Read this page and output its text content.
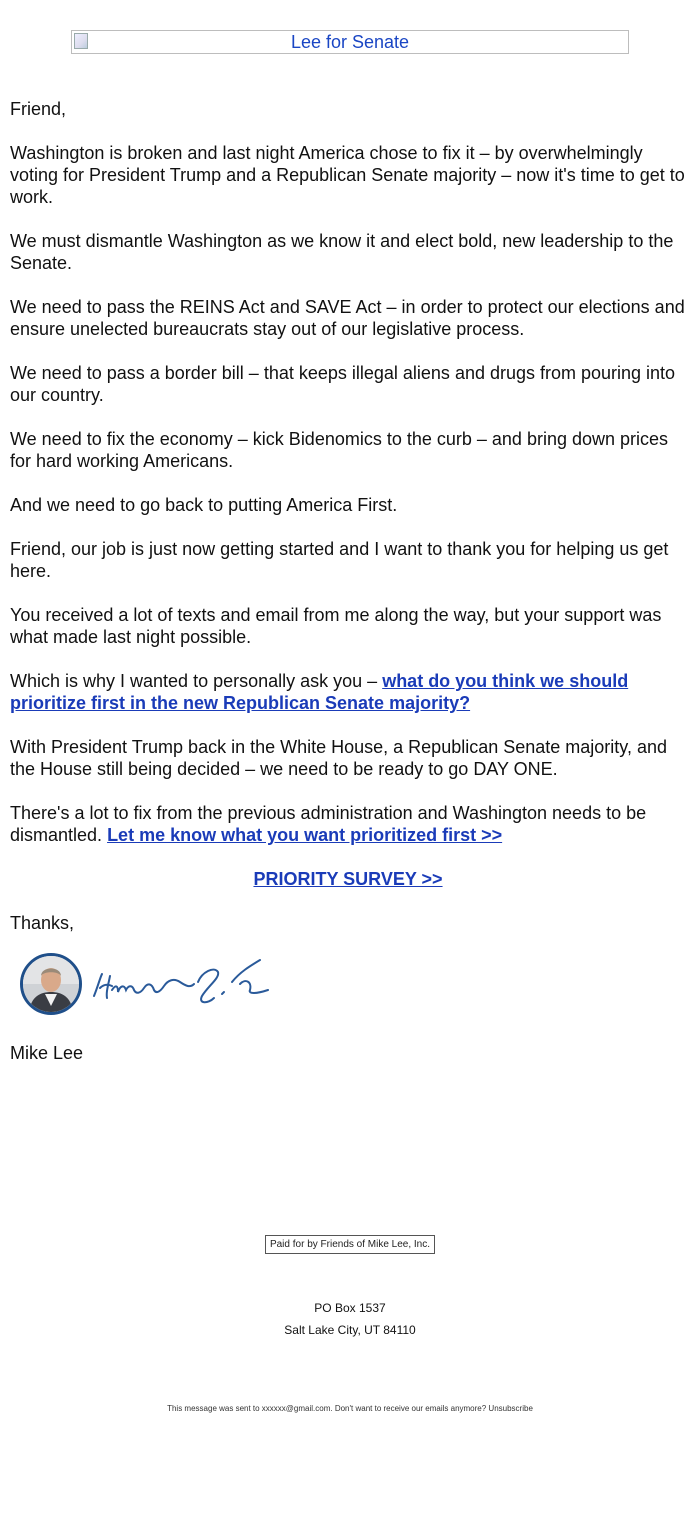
Lee for Senate

Friend,

Washington is broken and last night America chose to fix it – by overwhelmingly voting for President Trump and a Republican Senate majority – now it's time to get to work.

We must dismantle Washington as we know it and elect bold, new leadership to the Senate.

We need to pass the REINS Act and SAVE Act – in order to protect our elections and ensure unelected bureaucrats stay out of our legislative process.

We need to pass a border bill – that keeps illegal aliens and drugs from pouring into our country.

We need to fix the economy – kick Bidenomics to the curb – and bring down prices for hard working Americans.

And we need to go back to putting America First.

Friend, our job is just now getting started and I want to thank you for helping us get here.

You received a lot of texts and email from me along the way, but your support was what made last night possible.

Which is why I wanted to personally ask you – what do you think we should prioritize first in the new Republican Senate majority?

With President Trump back in the White House, a Republican Senate majority, and the House still being decided – we need to be ready to go DAY ONE.

There's a lot to fix from the previous administration and Washington needs to be dismantled. Let me know what you want prioritized first >>

PRIORITY SURVEY >>

Thanks,

Mike Lee

Paid for by Friends of Mike Lee, Inc.
PO Box 1537
Salt Lake City, UT 84110
This message was sent to xxxxxx@gmail.com. Don't want to receive our emails anymore? Unsubscribe
